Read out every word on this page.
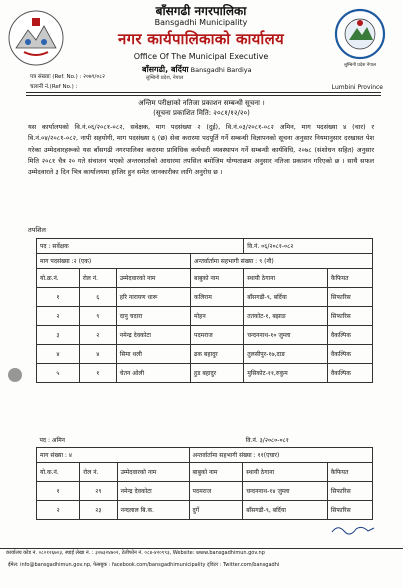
लुम्बिनी प्रदेश नेपाल
बाँसगढी नगरपालिका
Bansgadhi Municipality
नगर कार्यपालिकाको कार्यालय
Office Of The Municipal Executive
बाँसगढी, बर्दिया Bansgadhi Bardiya
लुम्बिनी प्रदेश, नेपाल
पत्र संख्याः (Ref. No.) : २०७९/०८२
चलानी नं.(Ref No.) :	Lumbini Province
अन्तिम परीक्षाको नतिजा प्रकाशन सम्बन्धी सूचना ।
(सूचना प्रकाशित मिति: २०८१/१२/२०)
यस कार्यालयको वि.नं.०६/२०८१-०८२, सवेक्षक, माग पदसंख्या २ (दुई), वि.नं.०३/२०८१-०८२ अमिन, माग पदसंख्या ४ (चार) र वि.नं.०४/२०८१-०८२, नापी सहयोगी, माग पदसंख्या ६ (छ) सेवा करारमा पदपूर्ति गर्ने सम्बन्धी विज्ञापनको सूचना अनुसार नियमानुसार दरखास्त पेश गरेका उम्मेदवारहरूको यस बाँसगढी नगरपालिका करारमा प्राविधिक कर्मचारी व्यवस्थापन गर्ने सम्बन्धी कार्यविधि, २०७८ (संशोधन सहित) अनुसार मिति २०८१ चैत्र २० गते संचालन भएको अन्तरवार्ताको आधारमा तपसिल बमोजिम योग्यताक्रम अनुसार नतिजा प्रकाशन गरिएको छ । साथै सफल उम्मेदवारले ३ दिन भित्र कार्यालयमा हाजिर हुन समेत जानकारीका लागि अनुरोध छ ।
तपशिल
पद : सर्वेक्षक				वि.नं. ०६/२०८१-०८२	
माग पदसंख्या :२ (एक)			अन्तर्वार्तामा सहभागी संख्या : ९ (नौ)		
यो.क्र.नं.	रोल नं.	उम्मेदवारको नाम	बाबुको नाम	स्थायी ठेगाना	कैफियत
१	६	हरि नारायण धारू	कलिराम	बाँसगढी-९, बर्दिया	सिफारिस
२	९	दानु चदारा	मोहन	ततकोट-१, बझाङ	सिफारिस
३	२	नमेन्द्र देवकोटा	पदमराज	चन्दननाथ-१० जुम्ला	वैकल्पिक
४	४	सिमा थली	ढक बहादुर	तुलसीपुर-१७,दाङ	वैकल्पिक
५	१	चेतन ओली	हुड बहादुर	मुसिकोट-११,रुकुम	वैकल्पिक
पद : अमिन				वि.नं. ३/२०८०-०८१	
माग संख्या : ४			अन्तर्वार्तामा सहभागी संख्या : ११(एघार)		
यो.क.नं.	रोल नं.	उम्मेदवारको नाम	बाबुको नाम	स्थायी ठेगाना	कैफियत
१	२९	नमेन्द्र देवकोटा	पदमराज	चन्दननाथ-१४ जुम्ला	सिफारिस
२	२३	नन्दलाल बि.क.	दुर्गे	बाँसगढी-९, बर्दिया	सिफारिस
कार्यालय कोड नं. ०८०१२६७०३, स्थाई लेखा नं. : ३०७३२४७०२, टेलीफोन नं. ०८४-४२०१९३, Website: www.bansgadhimun.gov.np
ईमेल: info@bansgadhimun.gov.np, फेसबुक : facebook.com/bansgadhimunicipality ट्विटर : Twitter.com/bansgadhi
